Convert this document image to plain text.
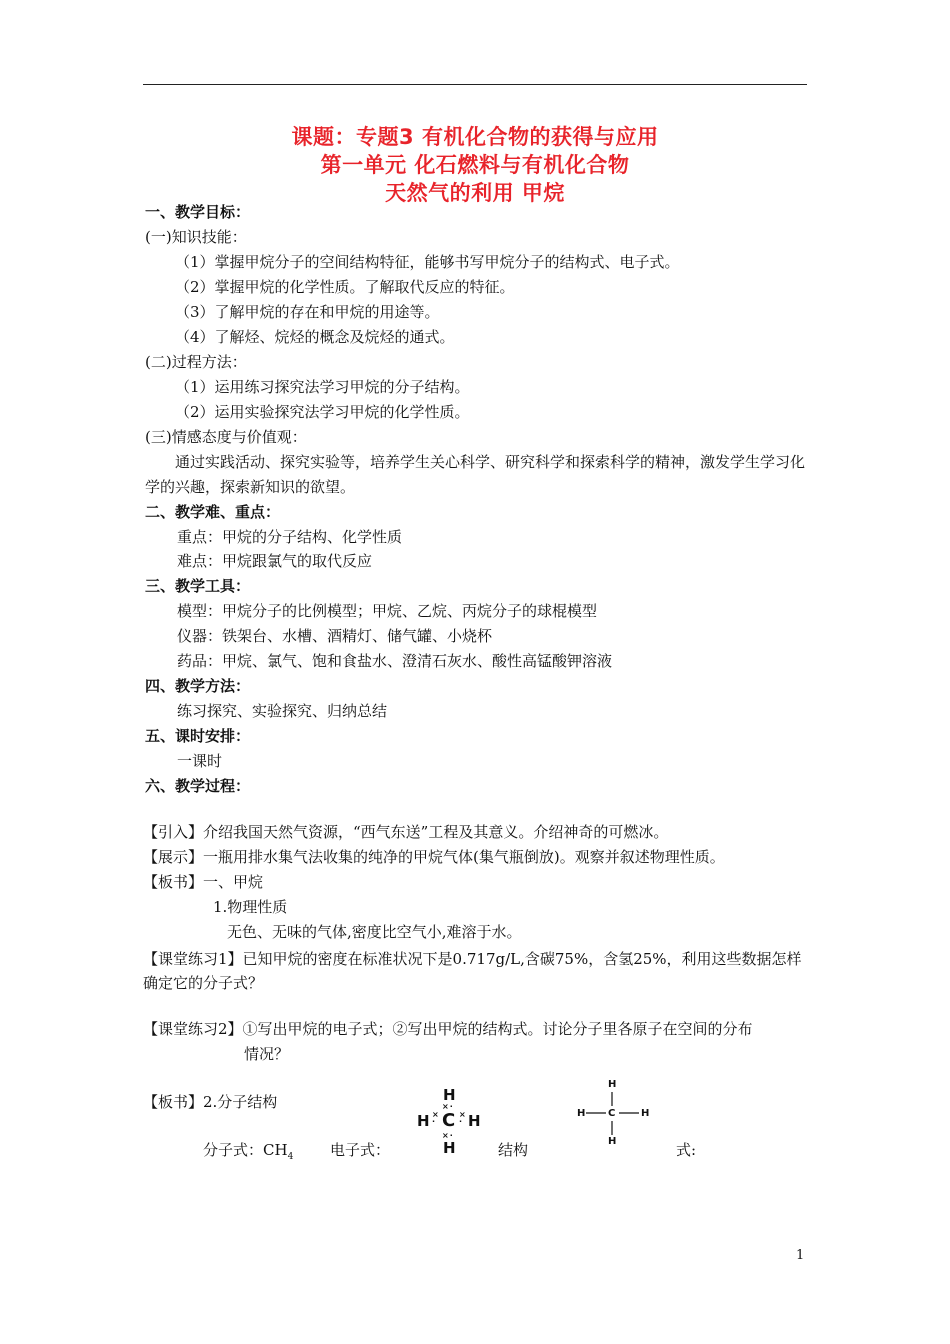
课题：专题3 有机化合物的获得与应用
第一单元 化石燃料与有机化合物
天然气的利用 甲烷
一、教学目标：
(一)知识技能：
（1）掌握甲烷分子的空间结构特征，能够书写甲烷分子的结构式、电子式。
（2）掌握甲烷的化学性质。了解取代反应的特征。
（3）了解甲烷的存在和甲烷的用途等。
（4）了解烃、烷烃的概念及烷烃的通式。
(二)过程方法：
（1）运用练习探究法学习甲烷的分子结构。
（2）运用实验探究法学习甲烷的化学性质。
(三)情感态度与价值观：
通过实践活动、探究实验等，培养学生关心科学、研究科学和探索科学的精神，激发学生学习化学的兴趣，探索新知识的欲望。
二、教学难、重点：
重点：甲烷的分子结构、化学性质
难点：甲烷跟氯气的取代反应
三、教学工具：
模型：甲烷分子的比例模型；甲烷、乙烷、丙烷分子的球棍模型
仪器：铁架台、水槽、酒精灯、储气罐、小烧杯
药品：甲烷、氯气、饱和食盐水、澄清石灰水、酸性高锰酸钾溶液
四、教学方法：
练习探究、实验探究、归纳总结
五、课时安排：
一课时
六、教学过程：
【引入】介绍我国天然气资源，“西气东送”工程及其意义。介绍神奇的可燃冰。
【展示】一瓶用排水集气法收集的纯净的甲烷气体(集气瓶倒放)。观察并叙述物理性质。
【板书】一、甲烷
1.物理性质
无色、无味的气体,密度比空气小,难溶于水。
【课堂练习1】已知甲烷的密度在标准状况下是0.717g/L,含碳75%，含氢25%，利用这些数据怎样确定它的分子式？
【课堂练习2】①写出甲烷的电子式；②写出甲烷的结构式。讨论分子里各原子在空间的分布
情况？
【板书】2.分子结构
分子式：$CH_4$ 电子式：	结构	式:
H
H C H
H
×·
×·
×
·
×
·
H
H C	H
H
1
